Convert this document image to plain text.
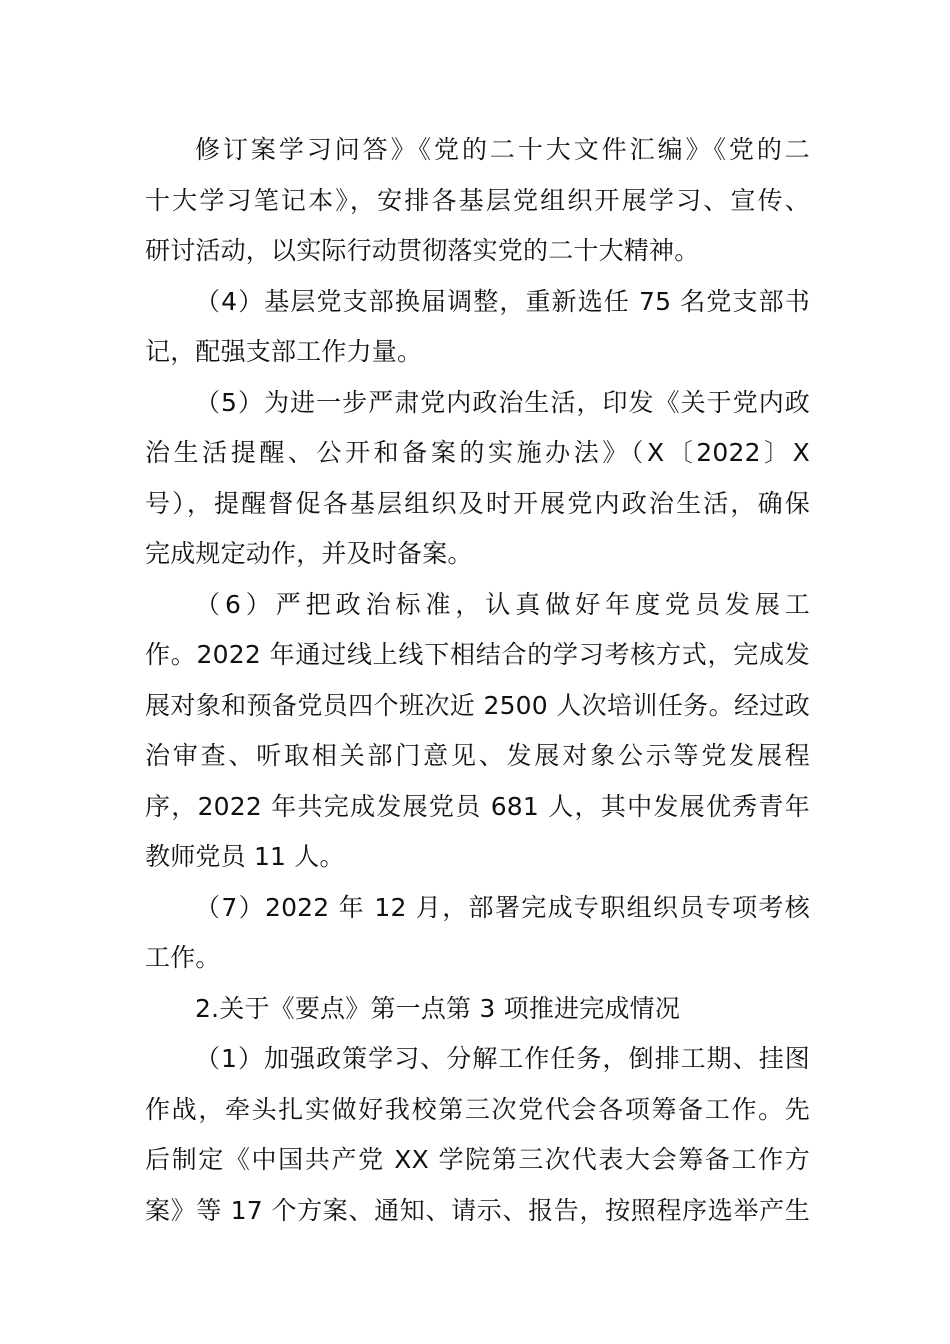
修订案学习问答》《党的二十大文件汇编》《党的二
十大学习笔记本》，安排各基层党组织开展学习、宣传、
研讨活动，以实际行动贯彻落实党的二十大精神。
（4）基层党支部换届调整，重新选任 75 名党支部书
记，配强支部工作力量。
（5）为进一步严肃党内政治生活，印发《关于党内政
治生活提醒、公开和备案的实施办法》（X〔2022〕X
号），提醒督促各基层组织及时开展党内政治生活，确保
完成规定动作，并及时备案。
（6）严把政治标准，认真做好年度党员发展工
作。2022 年通过线上线下相结合的学习考核方式，完成发
展对象和预备党员四个班次近 2500 人次培训任务。经过政
治审查、听取相关部门意见、发展对象公示等党发展程
序，2022 年共完成发展党员 681 人，其中发展优秀青年
教师党员 11 人。
（7）2022 年 12 月，部署完成专职组织员专项考核
工作。
2.关于《要点》第一点第 3 项推进完成情况
（1）加强政策学习、分解工作任务，倒排工期、挂图
作战，牵头扎实做好我校第三次党代会各项筹备工作。先
后制定《中国共产党 XX 学院第三次代表大会筹备工作方
案》等 17 个方案、通知、请示、报告，按照程序选举产生
